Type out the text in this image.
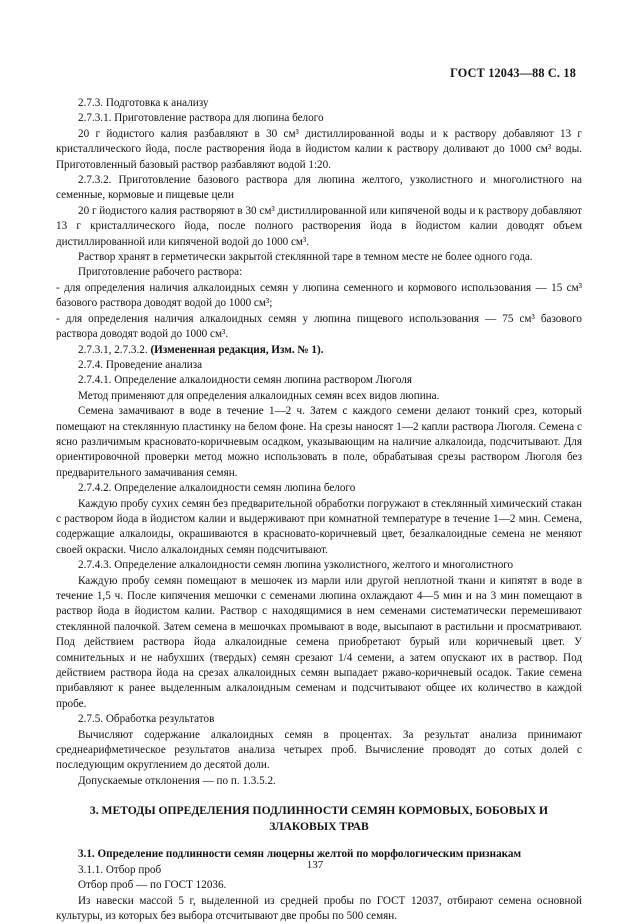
ГОСТ 12043—88 С. 18

2.7.3. Подготовка к анализу

2.7.3.1. Приготовление раствора для люпина белого

20 г йодистого калия разбавляют в 30 см³ дистиллированной воды и к раствору добавляют 13 г кристаллического йода, после растворения йода в йодистом калии к раствору доливают до 1000 см³ воды. Приготовленный базовый раствор разбавляют водой 1:20.

2.7.3.2. Приготовление базового раствора для люпина желтого, узколистного и многолистного на семенные, кормовые и пищевые цели

20 г йодистого калия растворяют в 30 см³ дистиллированной или кипяченой воды и к раствору добавляют 13 г кристаллического йода, после полного растворения йода в йодистом калии доводят объем дистиллированной или кипяченой водой до 1000 см³.

Раствор хранят в герметически закрытой стеклянной таре в темном месте не более одного года.

Приготовление рабочего раствора:

- для определения наличия алкалоидных семян у люпина семенного и кормового использования — 15 см³ базового раствора доводят водой до 1000 см³;

- для определения наличия алкалоидных семян у люпина пищевого использования — 75 см³ базового раствора доводят водой до 1000 см³.

2.7.3.1, 2.7.3.2. (Измененная редакция, Изм. № 1).

2.7.4. Проведение анализа

2.7.4.1. Определение алкалоидности семян люпина раствором Люголя

Метод применяют для определения алкалоидных семян всех видов люпина.

Семена замачивают в воде в течение 1—2 ч. Затем с каждого семени делают тонкий срез, который помещают на стеклянную пластинку на белом фоне. На срезы наносят 1—2 капли раствора Люголя. Семена с ясно различимым красновато-коричневым осадком, указывающим на наличие алкалоида, подсчитывают. Для ориентировочной проверки метод можно использовать в поле, обрабатывая срезы раствором Люголя без предварительного замачивания семян.

2.7.4.2. Определение алкалоидности семян люпина белого

Каждую пробу сухих семян без предварительной обработки погружают в стеклянный химический стакан с раствором йода в йодистом калии и выдерживают при комнатной температуре в течение 1—2 мин. Семена, содержащие алкалоиды, окрашиваются в красновато-коричневый цвет, безалкалоидные семена не меняют своей окраски. Число алкалоидных семян подсчитывают.

2.7.4.3. Определение алкалоидности семян люпина узколистного, желтого и многолистного

Каждую пробу семян помещают в мешочек из марли или другой неплотной ткани и кипятят в воде в течение 1,5 ч. После кипячения мешочки с семенами люпина охлаждают 4—5 мин и на 3 мин помещают в раствор йода в йодистом калии. Раствор с находящимися в нем семенами систематически перемешивают стеклянной палочкой. Затем семена в мешочках промывают в воде, высыпают в растильни и просматривают. Под действием раствора йода алкалоидные семена приобретают бурый или коричневый цвет. У сомнительных и не набухших (твердых) семян срезают 1/4 семени, а затем опускают их в раствор. Под действием раствора йода на срезах алкалоидных семян выпадает ржаво-коричневый осадок. Такие семена прибавляют к ранее выделенным алкалоидным семенам и подсчитывают общее их количество в каждой пробе.

2.7.5. Обработка результатов

Вычисляют содержание алкалоидных семян в процентах. За результат анализа принимают среднеарифметическое результатов анализа четырех проб. Вычисление проводят до сотых долей с последующим округлением до десятой доли.

Допускаемые отклонения — по п. 1.3.5.2.

3. МЕТОДЫ ОПРЕДЕЛЕНИЯ ПОДЛИННОСТИ СЕМЯН КОРМОВЫХ, БОБОВЫХ И ЗЛАКОВЫХ ТРАВ

3.1. Определение подлинности семян люцерны желтой по морфологическим признакам

3.1.1. Отбор проб

Отбор проб — по ГОСТ 12036.

Из навески массой 5 г, выделенной из средней пробы по ГОСТ 12037, отбирают семена основной культуры, из которых без выбора отсчитывают две пробы по 500 семян.

137
